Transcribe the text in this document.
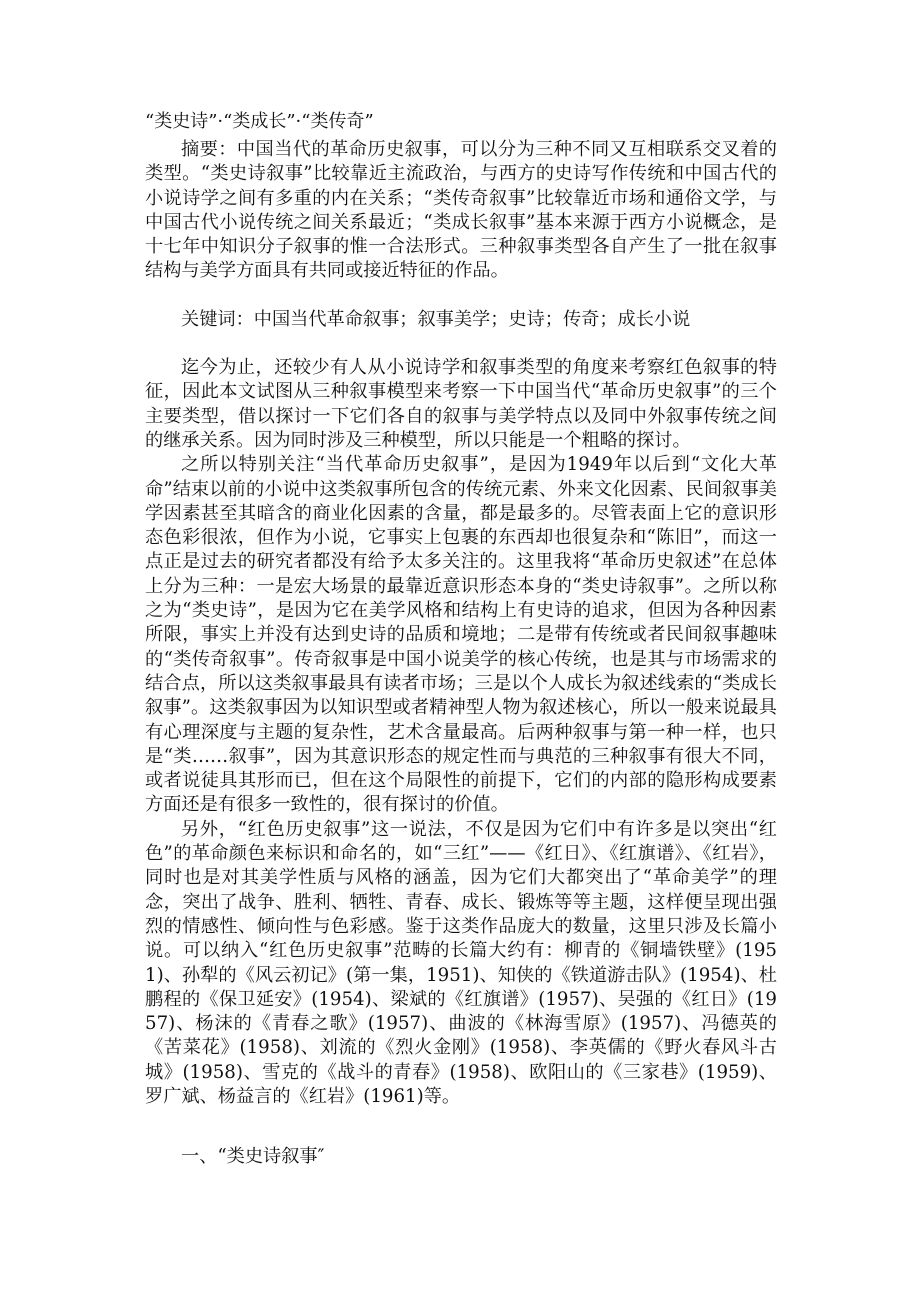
“类史诗”·“类成长”·“类传奇”

摘要：中国当代的革命历史叙事，可以分为三种不同又互相联系交叉着的类型。“类史诗叙事”比较靠近主流政治，与西方的史诗写作传统和中国古代的小说诗学之间有多重的内在关系；“类传奇叙事”比较靠近市场和通俗文学，与中国古代小说传统之间关系最近；“类成长叙事”基本来源于西方小说概念，是十七年中知识分子叙事的惟一合法形式。三种叙事类型各自产生了一批在叙事结构与美学方面具有共同或接近特征的作品。

关键词：中国当代革命叙事；叙事美学；史诗；传奇；成长小说

迄今为止，还较少有人从小说诗学和叙事类型的角度来考察红色叙事的特征，因此本文试图从三种叙事模型来考察一下中国当代“革命历史叙事”的三个主要类型，借以探讨一下它们各自的叙事与美学特点以及同中外叙事传统之间的继承关系。因为同时涉及三种模型，所以只能是一个粗略的探讨。

之所以特别关注“当代革命历史叙事”，是因为1949年以后到“文化大革命”结束以前的小说中这类叙事所包含的传统元素、外来文化因素、民间叙事美学因素甚至其暗含的商业化因素的含量，都是最多的。尽管表面上它的意识形态色彩很浓，但作为小说，它事实上包裹的东西却也很复杂和“陈旧”，而这一点正是过去的研究者都没有给予太多关注的。这里我将“革命历史叙述”在总体上分为三种：一是宏大场景的最靠近意识形态本身的“类史诗叙事”。之所以称之为“类史诗”，是因为它在美学风格和结构上有史诗的追求，但因为各种因素所限，事实上并没有达到史诗的品质和境地；二是带有传统或者民间叙事趣味的“类传奇叙事”。传奇叙事是中国小说美学的核心传统，也是其与市场需求的结合点，所以这类叙事最具有读者市场；三是以个人成长为叙述线索的“类成长叙事”。这类叙事因为以知识型或者精神型人物为叙述核心，所以一般来说最具有心理深度与主题的复杂性，艺术含量最高。后两种叙事与第一种一样，也只是“类……叙事”，因为其意识形态的规定性而与典范的三种叙事有很大不同，或者说徒具其形而已，但在这个局限性的前提下，它们的内部的隐形构成要素方面还是有很多一致性的，很有探讨的价值。

另外，“红色历史叙事”这一说法，不仅是因为它们中有许多是以突出“红色”的革命颜色来标识和命名的，如“三红”——《红日》、《红旗谱》、《红岩》，同时也是对其美学性质与风格的涵盖，因为它们大都突出了“革命美学”的理念，突出了战争、胜利、牺牲、青春、成长、锻炼等等主题，这样便呈现出强烈的情感性、倾向性与色彩感。鉴于这类作品庞大的数量，这里只涉及长篇小说。可以纳入“红色历史叙事”范畴的长篇大约有：柳青的《铜墙铁壁》(1951)、孙犁的《风云初记》(第一集，1951)、知侠的《铁道游击队》(1954)、杜鹏程的《保卫延安》(1954)、梁斌的《红旗谱》(1957)、吴强的《红日》(1957)、杨沫的《青春之歌》(1957)、曲波的《林海雪原》(1957)、冯德英的《苦菜花》(1958)、刘流的《烈火金刚》(1958)、李英儒的《野火春风斗古城》(1958)、雪克的《战斗的青春》(1958)、欧阳山的《三家巷》(1959)、罗广斌、杨益言的《红岩》(1961)等。

一、“类史诗叙事″
